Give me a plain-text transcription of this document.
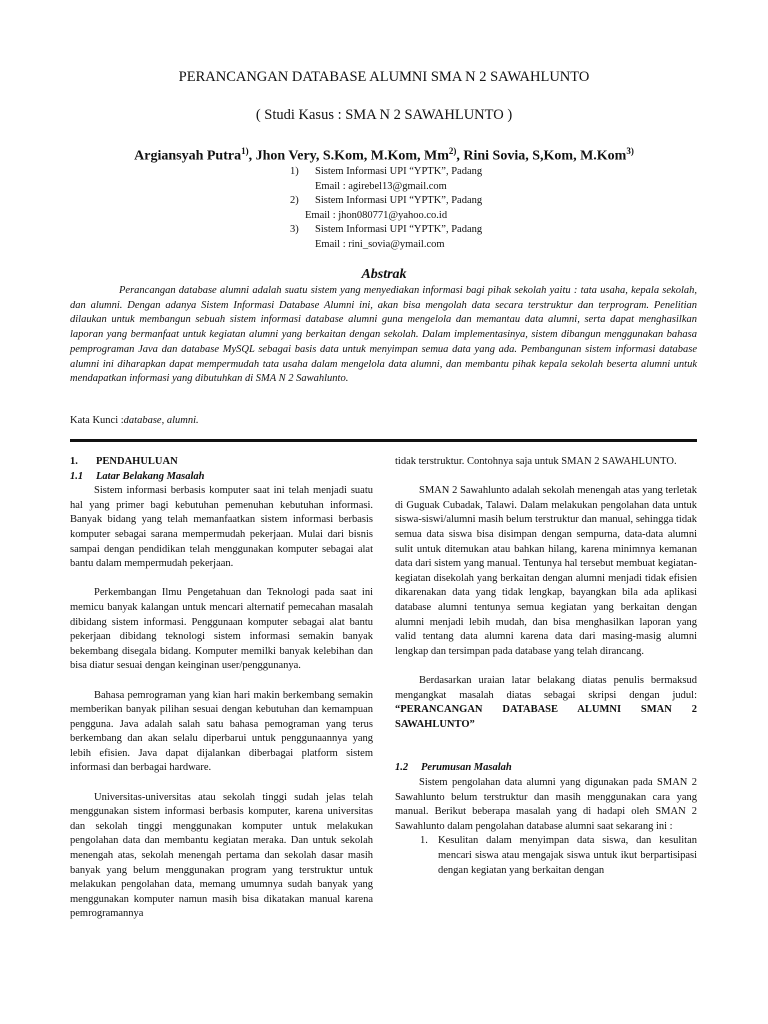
PERANCANGAN DATABASE ALUMNI SMA N 2 SAWAHLUNTO
( Studi Kasus : SMA N 2 SAWAHLUNTO )
Argiansyah Putra$^{1)}$, Jhon Very, S.Kom, M.Kom, Mm$^{2)}$, Rini Sovia, S,Kom, M.Kom$^{3)}$
1)	Sistem Informasi UPI “YPTK”, Padang
Email : agirebel13@gmail.com
2)	Sistem Informasi UPI “YPTK”, Padang
Email : jhon080771@yahoo.co.id
3)	Sistem Informasi UPI “YPTK”, Padang
Email : rini_sovia@ymail.com
Abstrak

Perancangan database alumni adalah suatu sistem yang menyediakan informasi bagi pihak sekolah yaitu : tata usaha, kepala sekolah, dan alumni. Dengan adanya Sistem Informasi Database Alumni ini, akan bisa mengolah data secara terstruktur dan terprogram. Penelitian dilaukan untuk membangun sebuah sistem informasi database alumni guna mengelola dan memantau data alumni, serta dapat menghasilkan laporan yang bermanfaat untuk kegiatan alumni yang berkaitan dengan sekolah. Dalam implementasinya, sistem dibangun menggunakan bahasa pemprograman Java dan database MySQL sebagai basis data untuk menyimpan semua data yang ada. Pembangunan sistem informasi database alumni ini diharapkan dapat mempermudah tata usaha dalam mengelola data alumni, dan membantu pihak kepala sekolah beserta alumni untuk mendapatkan informasi yang dibutuhkan di SMA N 2 Sawahlunto.

Kata Kunci :database, alumni.
1.	PENDAHULUAN
1.1	Latar Belakang Masalah

Sistem informasi berbasis komputer saat ini telah menjadi suatu hal yang primer bagi kebutuhan pemenuhan kebutuhan informasi. Banyak bidang yang telah memanfaatkan sistem informasi berbasis komputer sebagai sarana mempermudah pekerjaan. Mulai dari bisnis sampai dengan pendidikan telah menggunakan komputer sebagai alat bantu dalam mempermudah pekerjaan.

Perkembangan Ilmu Pengetahuan dan Teknologi pada saat ini memicu banyak kalangan untuk mencari alternatif pemecahan masalah dibidang sistem informasi. Penggunaan komputer sebagai alat bantu pekerjaan dibidang teknologi sistem informasi semakin banyak bekembang disegala bidang. Komputer memilki banyak kelebihan dan bisa diatur sesuai dengan keinginan user/penggunanya.

Bahasa pemrograman yang kian hari makin berkembang semakin memberikan banyak pilihan sesuai dengan kebutuhan dan kemampuan pengguna. Java adalah salah satu bahasa pemograman yang terus berkembang dan akan selalu diperbarui untuk penggunaannya yang lebih efisien. Java dapat dijalankan diberbagai platform sistem informasi dan berbagai hardware.

Universitas-universitas atau sekolah tinggi sudah jelas telah menggunakan sistem informasi berbasis komputer, karena universitas dan sekolah tinggi menggunakan komputer untuk melakukan pengolahan data dan membantu kegiatan meraka. Dan untuk sekolah menengah atas, sekolah menengah pertama dan sekolah dasar masih banyak yang belum menggunakan program yang terstruktur untuk melakukan pengolahan data, memang umumnya sudah banyak yang menggunakan komputer namun masih bisa dikatakan manual karena pemrogramannya

tidak terstruktur. Contohnya saja untuk SMAN 2 SAWAHLUNTO.

SMAN 2 Sawahlunto adalah sekolah menengah atas yang terletak di Guguak Cubadak, Talawi. Dalam melakukan pengolahan data untuk siswa-siswi/alumni masih belum terstruktur dan manual, sehingga tidak semua data siswa bisa disimpan dengan sempurna, data-data alumni sulit untuk ditemukan atau bahkan hilang, karena minimnya kemanan data dari sistem yang manual. Tentunya hal tersebut membuat kegiatan-kegiatan disekolah yang berkaitan dengan alumni menjadi tidak efisien dikarenakan data yang tidak lengkap, bayangkan bila ada aplikasi database alumni tentunya semua kegiatan yang berkaitan dengan alumni menjadi lebih mudah, dan bisa menghasilkan laporan yang valid tentang data alumni karena data dari masing-masig alumni lengkap dan tersimpan pada database yang telah dirancang.

Berdasarkan uraian latar belakang diatas penulis bermaksud mengangkat masalah diatas sebagai skripsi dengan judul: “PERANCANGAN DATABASE ALUMNI SMAN 2 SAWAHLUNTO”

1.2	Perumusan Masalah

Sistem pengolahan data alumni yang digunakan pada SMAN 2 Sawahlunto belum terstruktur dan masih menggunakan cara yang manual. Berikut beberapa masalah yang di hadapi oleh SMAN 2 Sawahlunto dalam pengolahan database alumni saat sekarang ini :

1. Kesulitan dalam menyimpan data siswa, dan kesulitan mencari siswa atau mengajak siswa untuk ikut berpartisipasi dengan kegiatan yang berkaitan dengan
